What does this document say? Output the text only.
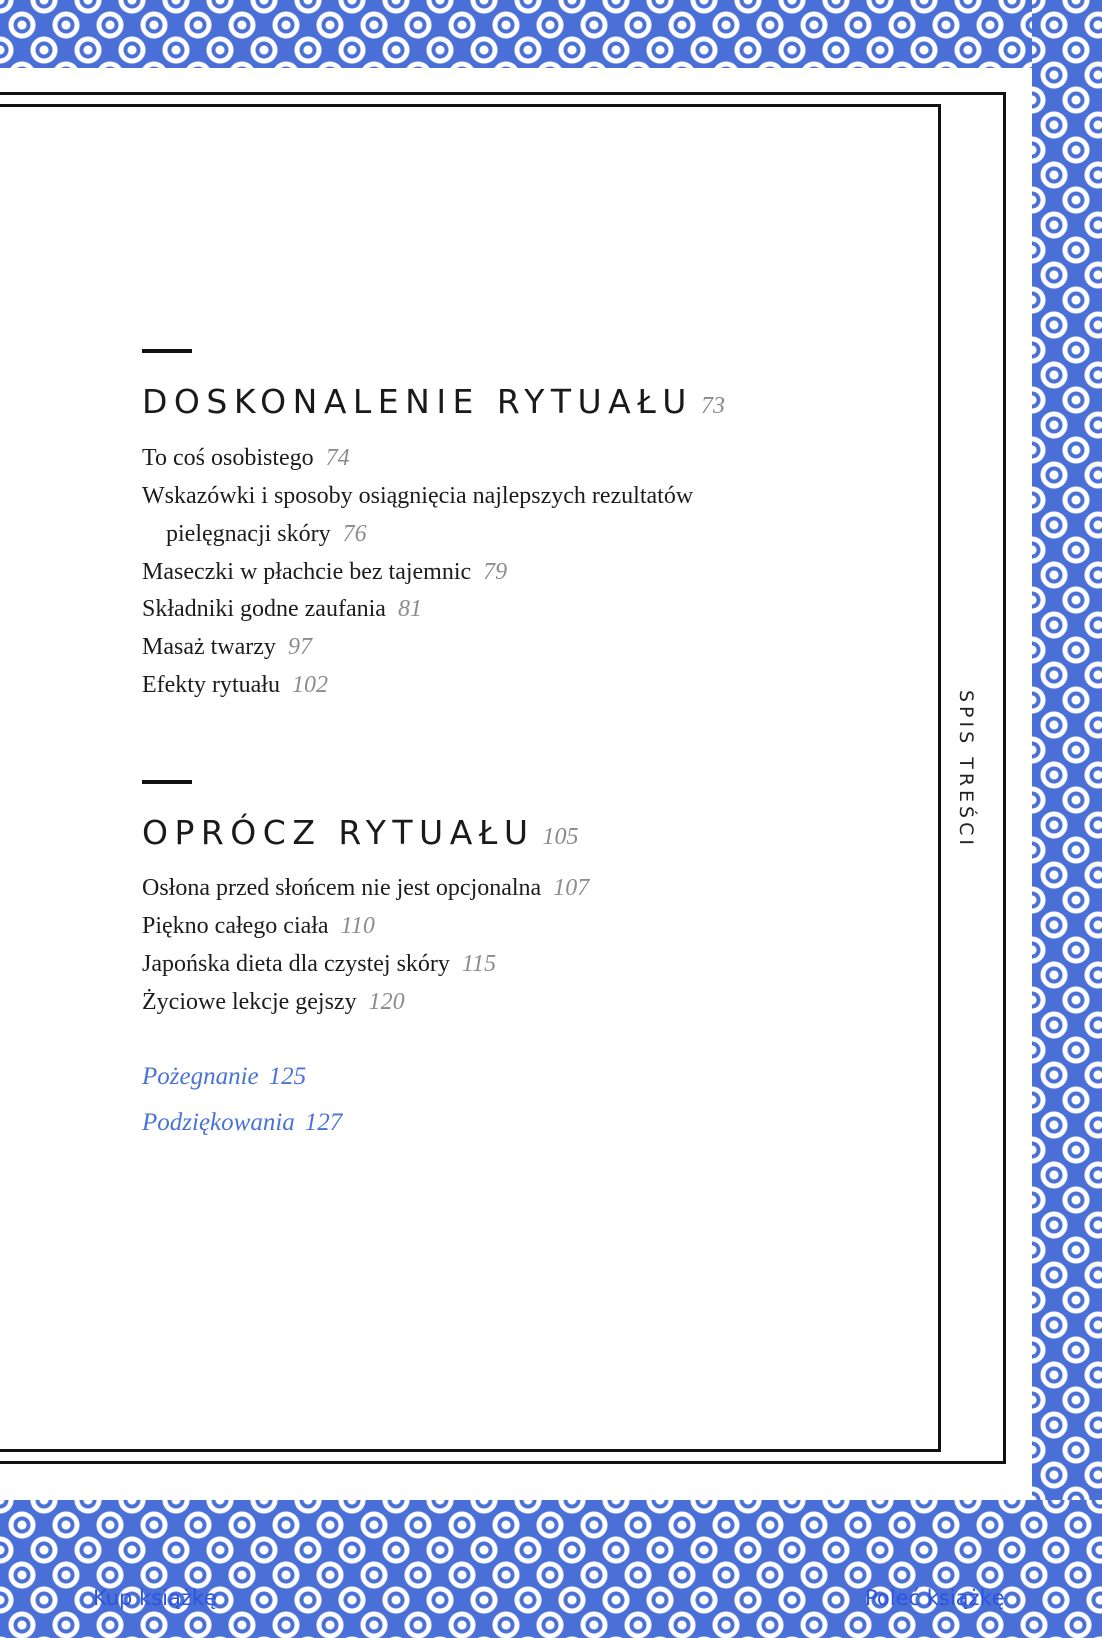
SPIS TREŚCI
DOSKONALENIE RYTUAŁU 73
To coś osobistego 74
Wskazówki i sposoby osiągnięcia najlepszych rezultatów
pielęgnacji skóry 76
Maseczki w płachcie bez tajemnic 79
Składniki godne zaufania 81
Masaż twarzy 97
Efekty rytuału 102
OPRÓCZ RYTUAŁU 105
Osłona przed słońcem nie jest opcjonalna 107
Piękno całego ciała 110
Japońska dieta dla czystej skóry 115
Życiowe lekcje gejszy 120
Pożegnanie 125
Podziękowania 127
Kup książkę	Poleć książkę
